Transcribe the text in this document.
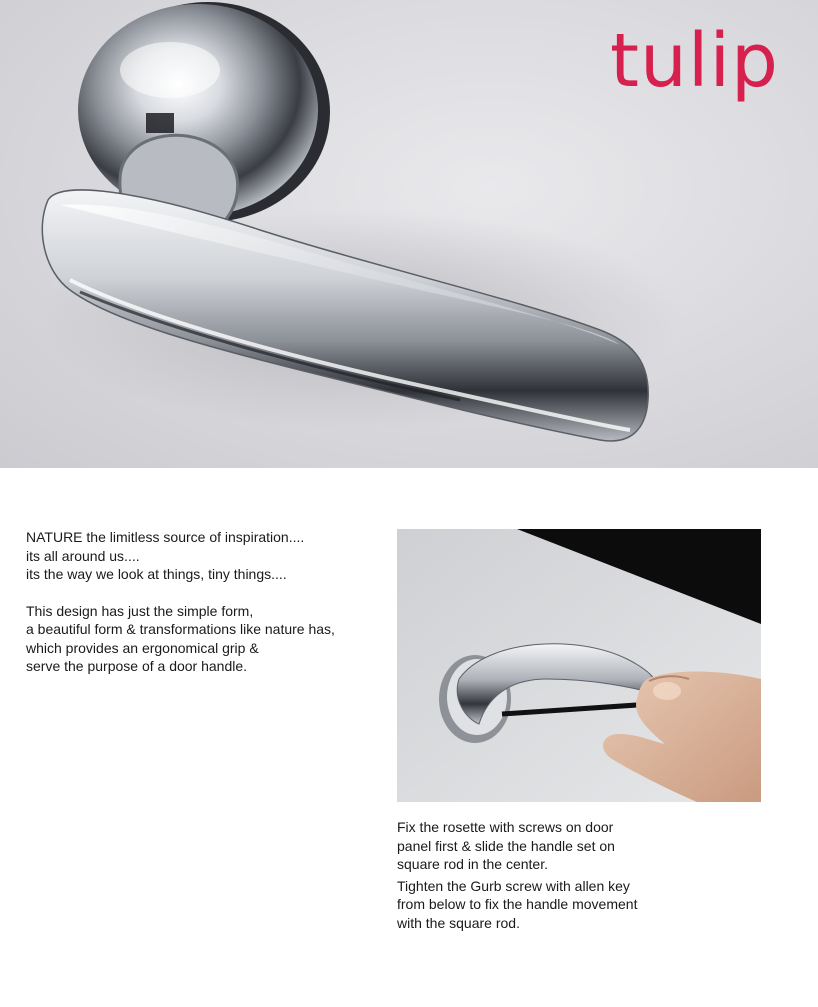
tulip

NATURE the limitless source of inspiration....

its all around us....

its the way we look at things, tiny things....

This design has just the simple form,

a beautiful form & transformations like nature has,

which provides an ergonomical grip &

serve the purpose of a door handle.

Fix the rosette with screws on door

panel first & slide the handle set on

square rod in the center.

Tighten the Gurb screw with allen key

from below to fix the handle movement

with the square rod.
